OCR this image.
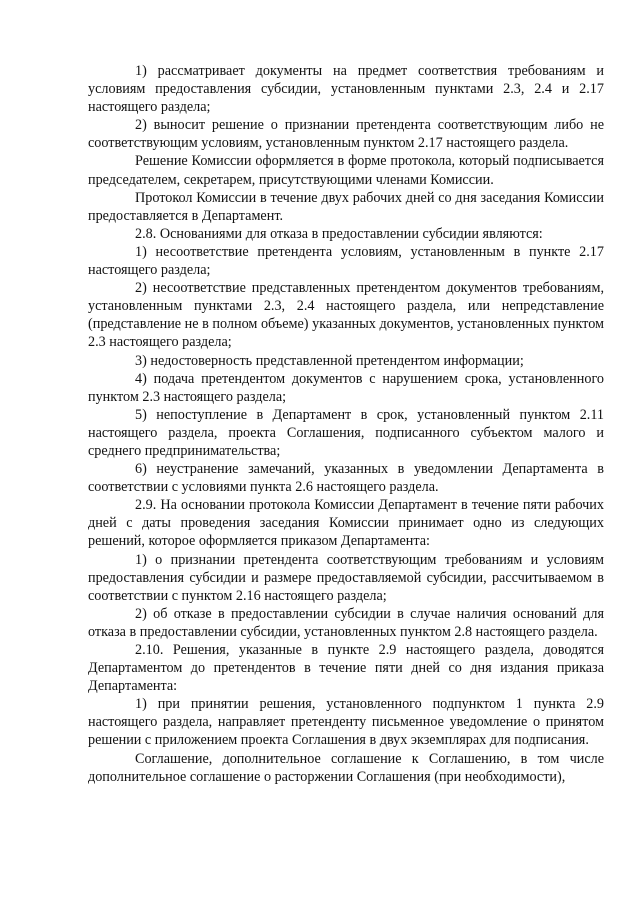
1) рассматривает документы на предмет соответствия требованиям и условиям предоставления субсидии, установленным пунктами 2.3, 2.4 и 2.17 настоящего раздела;

2) выносит решение о признании претендента соответствующим либо не соответствующим условиям, установленным пунктом 2.17 настоящего раздела.

Решение Комиссии оформляется в форме протокола, который подписывается председателем, секретарем, присутствующими членами Комиссии.

Протокол Комиссии в течение двух рабочих дней со дня заседания Комиссии предоставляется в Департамент.

2.8. Основаниями для отказа в предоставлении субсидии являются:

1) несоответствие претендента условиям, установленным в пункте 2.17 настоящего раздела;

2) несоответствие представленных претендентом документов требованиям, установленным пунктами 2.3, 2.4 настоящего раздела, или непредставление (представление не в полном объеме) указанных документов, установленных пунктом 2.3 настоящего раздела;

3) недостоверность представленной претендентом информации;

4) подача претендентом документов с нарушением срока, установленного пунктом 2.3 настоящего раздела;

5) непоступление в Департамент в срок, установленный пунктом 2.11 настоящего раздела, проекта Соглашения, подписанного субъектом малого и среднего предпринимательства;

6) неустранение замечаний, указанных в уведомлении Департамента в соответствии с условиями пункта 2.6 настоящего раздела.

2.9. На основании протокола Комиссии Департамент в течение пяти рабочих дней с даты проведения заседания Комиссии принимает одно из следующих решений, которое оформляется приказом Департамента:

1) о признании претендента соответствующим требованиям и условиям предоставления субсидии и размере предоставляемой субсидии, рассчитываемом в соответствии с пунктом 2.16 настоящего раздела;

2) об отказе в предоставлении субсидии в случае наличия оснований для отказа в предоставлении субсидии, установленных пунктом 2.8 настоящего раздела.

2.10. Решения, указанные в пункте 2.9 настоящего раздела, доводятся Департаментом до претендентов в течение пяти дней со дня издания приказа Департамента:

1) при принятии решения, установленного подпунктом 1 пункта 2.9 настоящего раздела, направляет претенденту письменное уведомление о принятом решении с приложением проекта Соглашения в двух экземплярах для подписания.

Соглашение, дополнительное соглашение к Соглашению, в том числе дополнительное соглашение о расторжении Соглашения (при необходимости),
